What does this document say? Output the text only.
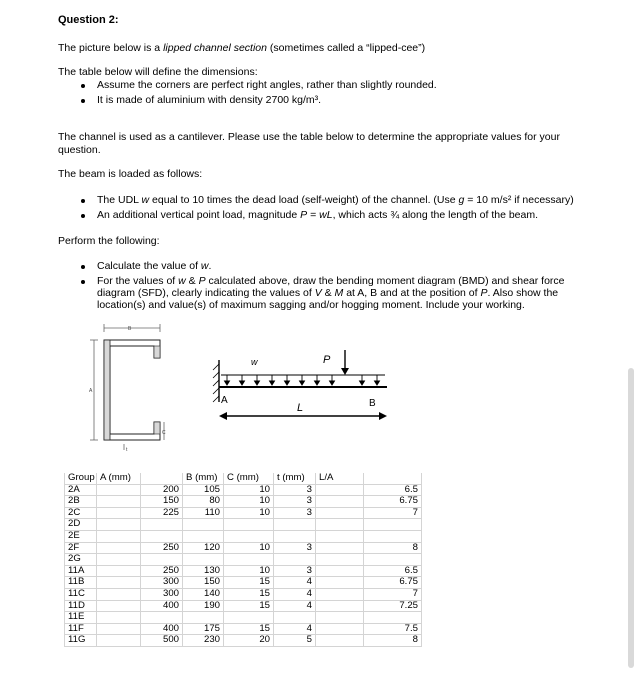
Question 2:
The picture below is a lipped channel section (sometimes called a “lipped-cee”)
The table below will define the dimensions:
Assume the corners are perfect right angles, rather than slightly rounded.
It is made of aluminium with density 2700 kg/m³.
The channel is used as a cantilever. Please use the table below to determine the appropriate values for your
question.
The beam is loaded as follows:
The UDL w equal to 10 times the dead load (self-weight) of the channel. (Use g = 10 m/s² if necessary)
An additional vertical point load, magnitude P = wL, which acts ¾ along the length of the beam.
Perform the following:
Calculate the value of w.
For the values of w & P calculated above, draw the bending moment diagram (BMD) and shear force
diagram (SFD), clearly indicating the values of V & M at A, B and at the position of P. Also show the
location(s) and value(s) of maximum sagging and/or hogging moment. Include your working.
B
A
C
t
w	P
A
L	B
Group	A (mm)		B (mm)	C (mm)	t (mm)	L/A	
2A		200	105	10	3		6.5
2B		150	80	10	3		6.75
2C		225	110	10	3		7
2D							
2E							
2F		250	120	10	3		8
2G							
11A		250	130	10	3		6.5
11B		300	150	15	4		6.75
11C		300	140	15	4		7
11D		400	190	15	4		7.25
11E							
11F		400	175	15	4		7.5
11G		500	230	20	5		8
